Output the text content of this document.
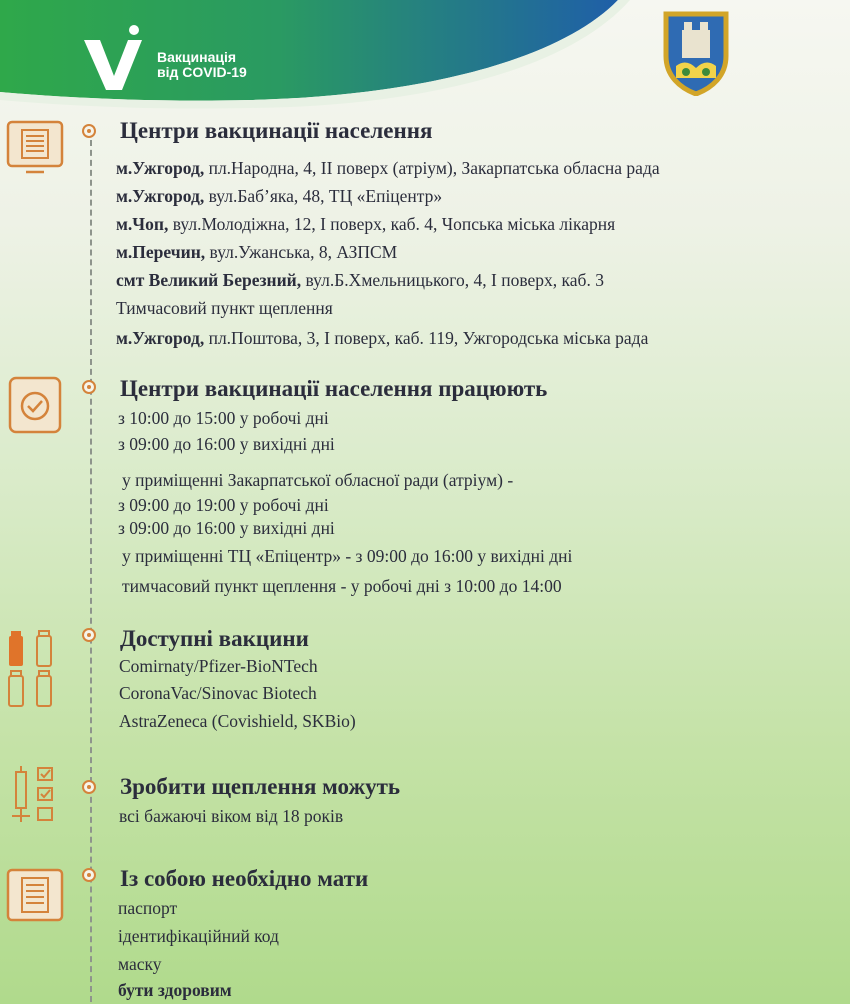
Вакцинація
від COVID-19
Центри вакцинації населення
м.Ужгород, пл.Народна, 4, ІІ поверх (атріум), Закарпатська обласна рада
м.Ужгород, вул.Баб’яка, 48, ТЦ «Епіцентр»
м.Чоп, вул.Молодіжна, 12, І поверх, каб. 4, Чопська міська лікарня
м.Перечин, вул.Ужанська, 8, АЗПСМ
смт Великий Березний, вул.Б.Хмельницького, 4, І поверх, каб. 3
Тимчасовий пункт щеплення
м.Ужгород, пл.Поштова, 3, І поверх, каб. 119, Ужгородська міська рада
Центри вакцинації населення працюють
з 10:00 до 15:00 у робочі дні
з 09:00 до 16:00 у вихідні дні
у приміщенні Закарпатської обласної ради (атріум) -
з 09:00 до 19:00 у робочі дні
з 09:00 до 16:00 у вихідні дні
у приміщенні ТЦ «Епіцентр» - з 09:00 до 16:00 у вихідні дні
тимчасовий пункт щеплення - у робочі дні з 10:00 до 14:00
Доступні вакцини
Comirnaty/Pfizer-BioNTech
CoronaVac/Sinovac Biotech
AstraZeneca (Covishield, SKBio)
Зробити щеплення можуть
всі бажаючі віком від 18 років
Із собою необхідно мати
паспорт
ідентифікаційний код
маску
бути здоровим
